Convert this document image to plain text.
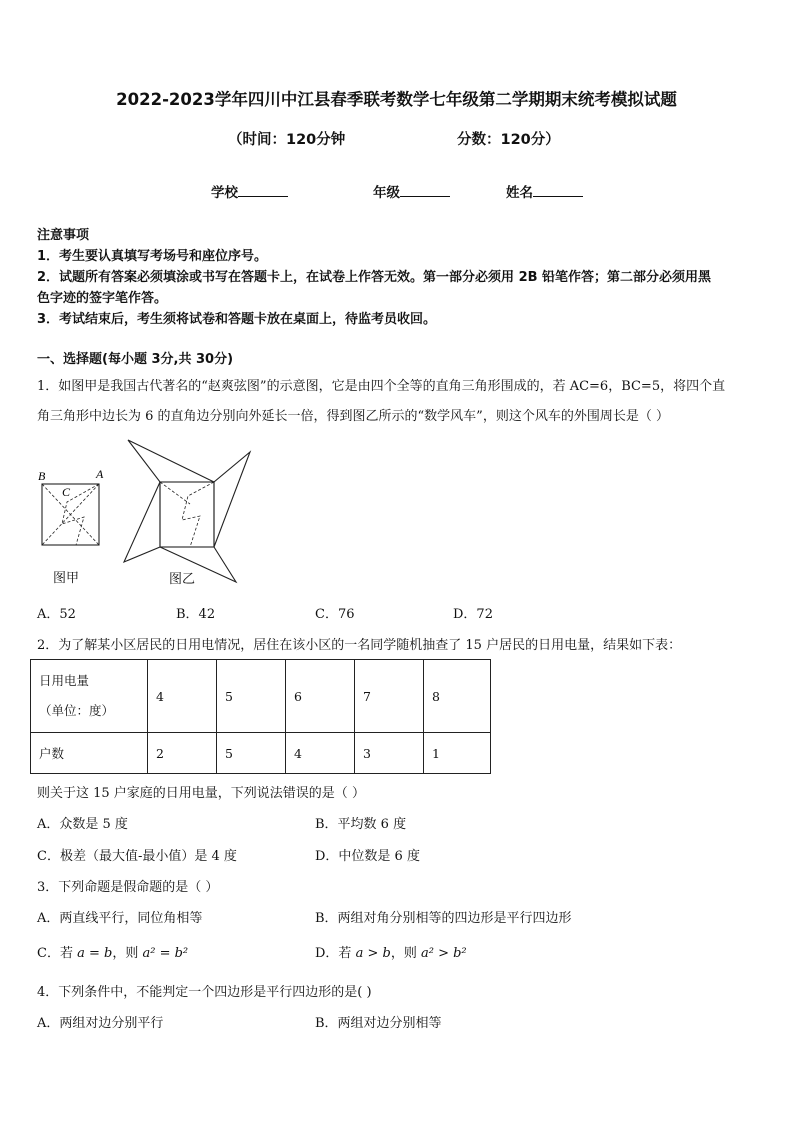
2022-2023学年四川中江县春季联考数学七年级第二学期期末统考模拟试题
（时间：120分钟	分数：120分）
学校	年级	姓名
注意事项
1．考生要认真填写考场号和座位序号。
2．试题所有答案必须填涂或书写在答题卡上，在试卷上作答无效。第一部分必须用 2B 铅笔作答；第二部分必须用黑
色字迹的签字笔作答。
3．考试结束后，考生须将试卷和答题卡放在桌面上，待监考员收回。
一、选择题(每小题 3分,共 30分)
1．如图甲是我国古代著名的“赵爽弦图”的示意图，它是由四个全等的直角三角形围成的，若 AC=6，BC=5，将四个直
角三角形中边长为 6 的直角边分别向外延长一倍，得到图乙所示的“数学风车”，则这个风车的外围周长是（ ）
B	A
C
图甲	图乙
A．52	B．42	C．76	D．72
2．为了解某小区居民的日用电情况，居住在该小区的一名同学随机抽查了 15 户居民的日用电量，结果如下表：
日用电量
（单位：度）	4	5	6	7	8
户数	2	5	4	3	1
则关于这 15 户家庭的日用电量，下列说法错误的是（ ）
A．众数是 5 度	B．平均数 6 度
C．极差（最大值-最小值）是 4 度	D．中位数是 6 度
3．下列命题是假命题的是（ ）
A．两直线平行，同位角相等	B．两组对角分别相等的四边形是平行四边形
C．若 a = b，则 a² = b²	D．若 a > b，则 a² > b²
4．下列条件中，不能判定一个四边形是平行四边形的是( )
A．两组对边分别平行	B．两组对边分别相等
